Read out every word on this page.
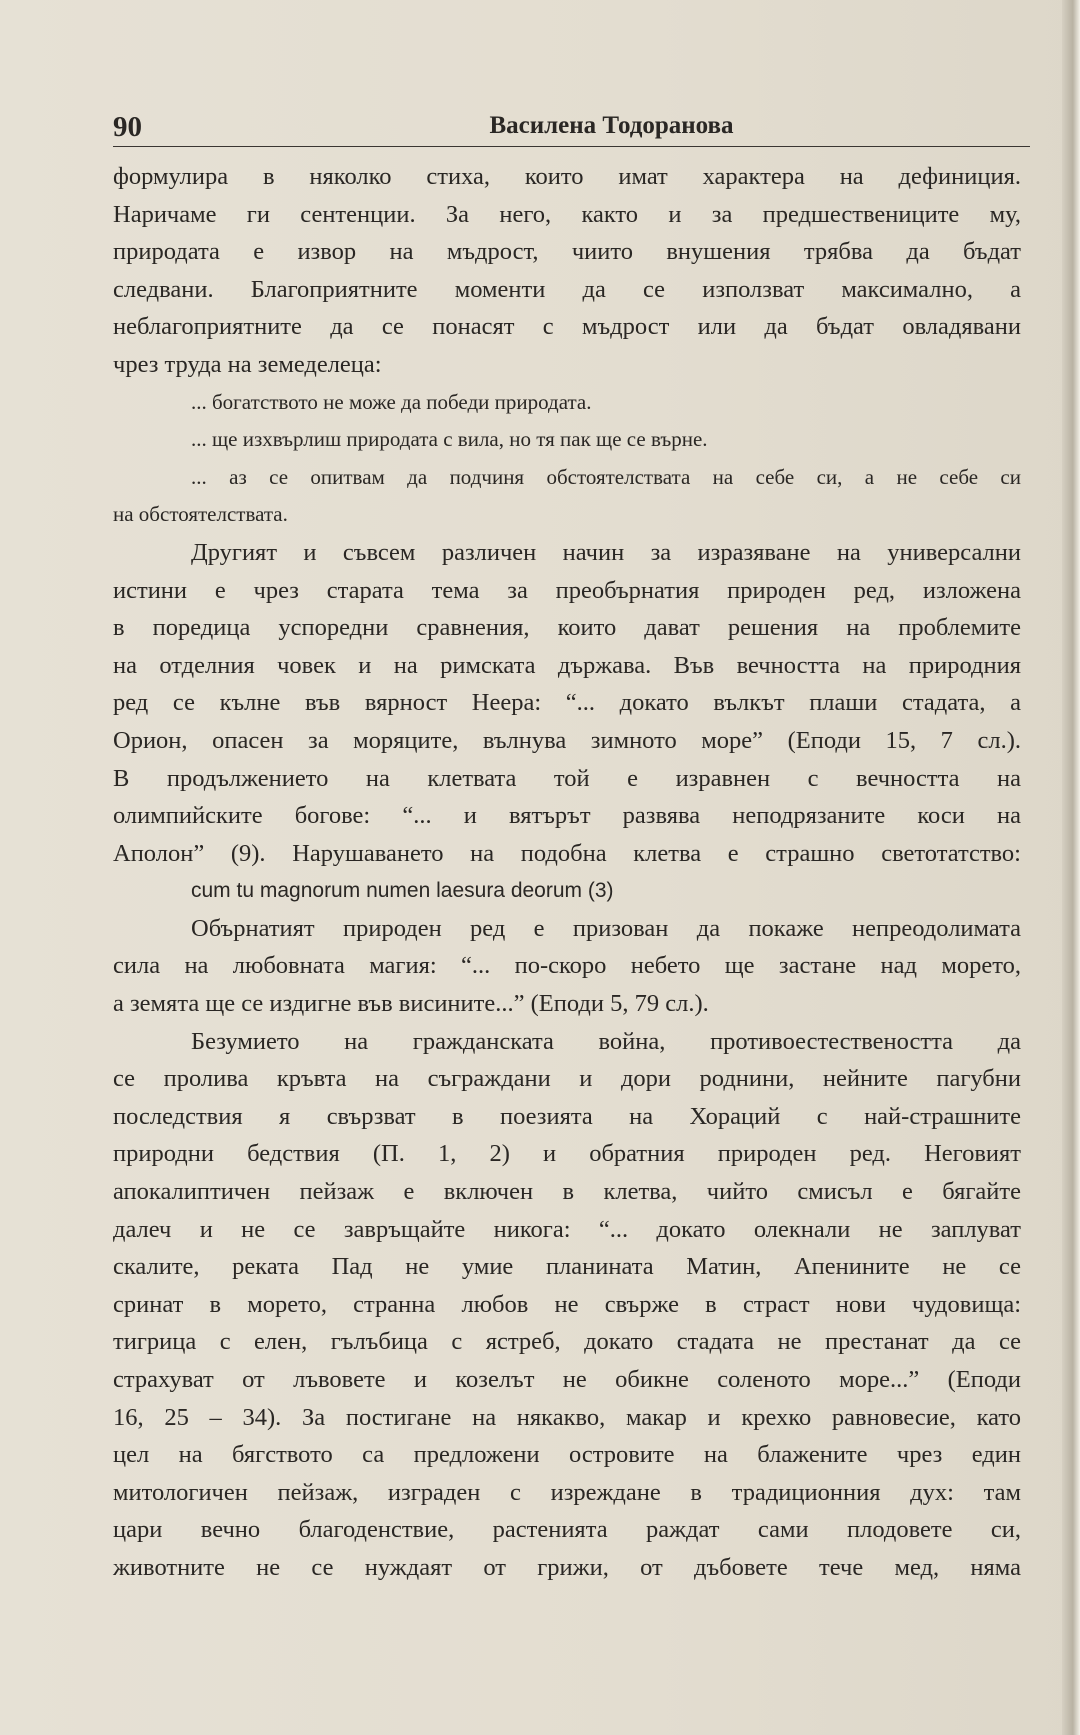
90	Василена Тодоранова
формулира в няколко стиха, които имат характера на дефиниция.
Наричаме ги сентенции. За него, както и за предшествениците му,
природата е извор на мъдрост, чиито внушения трябва да бъдат
следвани. Благоприятните моменти да се използват максимално, а
неблагоприятните да се понасят с мъдрост или да бъдат овладявани
чрез труда на земеделеца:
... богатството не може да победи природата.
... ще изхвърлиш природата с вила, но тя пак ще се върне.
... аз се опитвам да подчиня обстоятелствата на себе си, а не себе си
на обстоятелствата.
Другият и съвсем различен начин за изразяване на универсални
истини е чрез старата тема за преобърнатия природен ред, изложена
в поредица успоредни сравнения, които дават решения на проблемите
на отделния човек и на римската държава. Във вечността на природния
ред се кълне във вярност Неера: “... докато вълкът плаши стадата, а
Орион, опасен за моряците, вълнува зимното море” (Еподи 15, 7 сл.).
В продължението на клетвата той е изравнен с вечността на
олимпийските богове: “... и вятърът развява неподрязаните коси на
Аполон” (9). Нарушаването на подобна клетва е страшно светотатство:
cum tu magnorum numen laesura deorum (3)
Обърнатият природен ред е призован да покаже непреодолимата
сила на любовната магия: “... по-скоро небето ще застане над морето,
а земята ще се издигне във висините...” (Еподи 5, 79 сл.).
Безумието на гражданската война, противоестествеността да
се пролива кръвта на съграждани и дори роднини, нейните пагубни
последствия я свързват в поезията на Хораций с най-страшните
природни бедствия (П. 1, 2) и обратния природен ред. Неговият
апокалиптичен пейзаж е включен в клетва, чийто смисъл е бягайте
далеч и не се завръщайте никога: “... докато олекнали не заплуват
скалите, реката Пад не умие планината Матин, Апенините не се
сринат в морето, странна любов не свърже в страст нови чудовища:
тигрица с елен, гълъбица с ястреб, докато стадата не престанат да се
страхуват от лъвовете и козелът не обикне соленото море...” (Еподи
16, 25 – 34). За постигане на някакво, макар и крехко равновесие, като
цел на бягството са предложени островите на блажените чрез един
митологичен пейзаж, изграден с изреждане в традиционния дух: там
цари вечно благоденствие, растенията раждат сами плодовете си,
животните не се нуждаят от грижи, от дъбовете тече мед, няма
